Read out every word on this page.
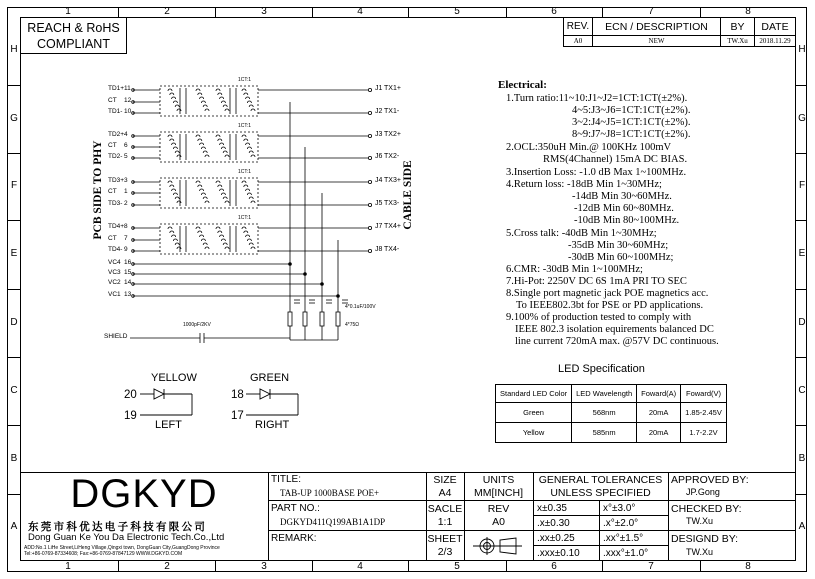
1	2	3	4	5	6	7	8
1	2	3	4	5	6	7	8
H
G
F
E
D
C
B
A
H
G
F
E
D
C
B
A
REACH & RoHS
COMPLIANT
REV.	ECN / DESCRIPTION	BY	DATE
A0	NEW	TW.Xu	2018.11.29
TD1+ 11
CT 12
TD1- 10
TD2+ 4
CT 6
TD2- 5
TD3+ 3
CT 1
TD3- 2
TD4+ 8
CT 7
TD4- 9
VC4 16
VC3 15
VC2 14
VC1 13
J1 TX1+
J2 TX1-
J3 TX2+
J6 TX2-
J4 TX3+
J5 TX3-
J7 TX4+
J8 TX4-
1CT:1
1CT:1
1CT:1
1CT:1
4*0.1uF/100V
4*75Ω
SHIELD
1000pF/2KV
PCB SIDE TO PHY	CABLE SIDE
YELLOW
20
19
LEFT
GREEN
18
17
RIGHT
Electrical:
1.Turn ratio:11~10:J1~J2=1CT:1CT(±2%).
4~5:J3~J6=1CT:1CT(±2%).
3~2:J4~J5=1CT:1CT(±2%).
8~9:J7~J8=1CT:1CT(±2%).
2.OCL:350uH Min.@ 100KHz 100mV
RMS(4Channel) 15mA DC BIAS.
3.Insertion Loss: -1.0 dB Max 1~100MHz.
4.Return loss: -18dB Min 1~30MHz;
-14dB Min 30~60MHz.
-12dB Min 60~80MHz.
-10dB Min 80~100MHz.
5.Cross talk: -40dB Min 1~30MHz;
-35dB Min 30~60MHz;
-30dB Min 60~100MHz;
6.CMR: -30dB Min 1~100MHz;
7.Hi-Pot: 2250V DC 6S 1mA PRI TO SEC
8.Single port magnetic jack POE magnetics acc.
To IEEE802.3bt for PSE or PD applications.
9.100% of production tested to comply with
IEEE 802.3 isolation equirements balanced DC
line current 720mA max. @57V DC continuous.
LED Specification
Standard LED Color	LED Wavelength	Foward(A)	Foward(V)
Green	568nm	20mA	1.85-2.45V
Yellow	585nm	20mA	1.7-2.2V
DGKYD
东莞市科优达电子科技有限公司
Dong Guan Ke You Da Electronic Tech.Co.,Ltd
ADD:No.1 LiHe Street,LiHeng Village,Qingxi town, DongGuan City,GuangDong Province
Tel:+86-0769-87334608; Fax:+86-0769-87847129 WWW.DGKYD.COM
TITLE:
TAB-UP 1000BASE POE+
PART NO.:
DGKYD411Q199AB1A1DP
REMARK:
SIZE
A4
UNITS
MM[INCH]
SACLE
1:1
REV
A0
SHEET
2/3
GENERAL TOLERANCES
UNLESS SPECIFIED
x±0.35	x°±3.0°
.x±0.30	.x°±2.0°
.xx±0.25	.xx°±1.5°
.xxx±0.10 .xxx°±1.0°
APPROVED BY:
JP.Gong
CHECKED BY:
TW.Xu
DESIGND BY:
TW.Xu
